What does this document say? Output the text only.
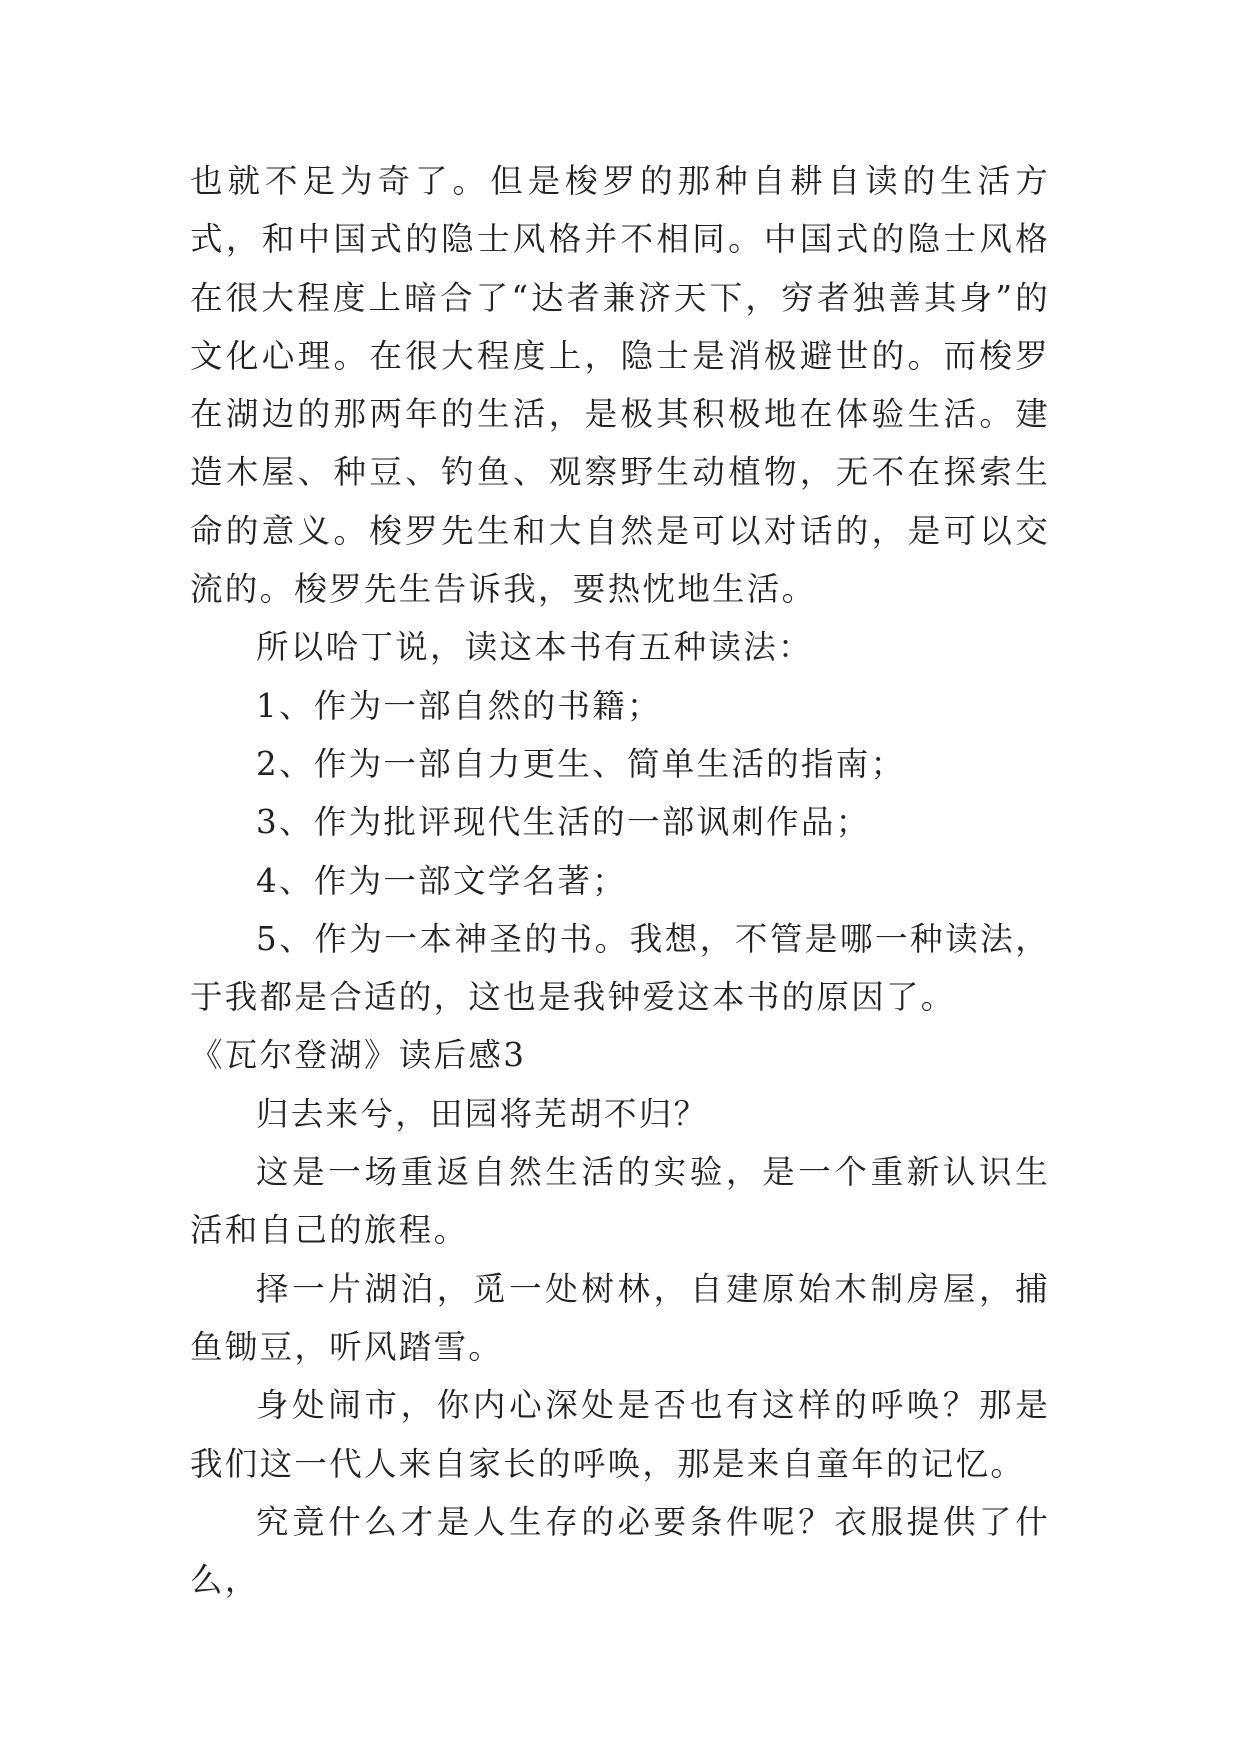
也就不足为奇了。但是梭罗的那种自耕自读的生活方式，和中国式的隐士风格并不相同。中国式的隐士风格在很大程度上暗合了“达者兼济天下，穷者独善其身”的文化心理。在很大程度上，隐士是消极避世的。而梭罗在湖边的那两年的生活，是极其积极地在体验生活。建造木屋、种豆、钓鱼、观察野生动植物，无不在探索生命的意义。梭罗先生和大自然是可以对话的，是可以交流的。梭罗先生告诉我，要热忱地生活。

所以哈丁说，读这本书有五种读法：

1、作为一部自然的书籍；

2、作为一部自力更生、简单生活的指南；

3、作为批评现代生活的一部讽刺作品；

4、作为一部文学名著；

5、作为一本神圣的书。我想，不管是哪一种读法，于我都是合适的，这也是我钟爱这本书的原因了。

《瓦尔登湖》读后感3

归去来兮，田园将芜胡不归？

这是一场重返自然生活的实验，是一个重新认识生活和自己的旅程。

择一片湖泊，觅一处树林，自建原始木制房屋，捕鱼锄豆，听风踏雪。

身处闹市，你内心深处是否也有这样的呼唤？那是我们这一代人来自家长的呼唤，那是来自童年的记忆。

究竟什么才是人生存的必要条件呢？衣服提供了什么，
